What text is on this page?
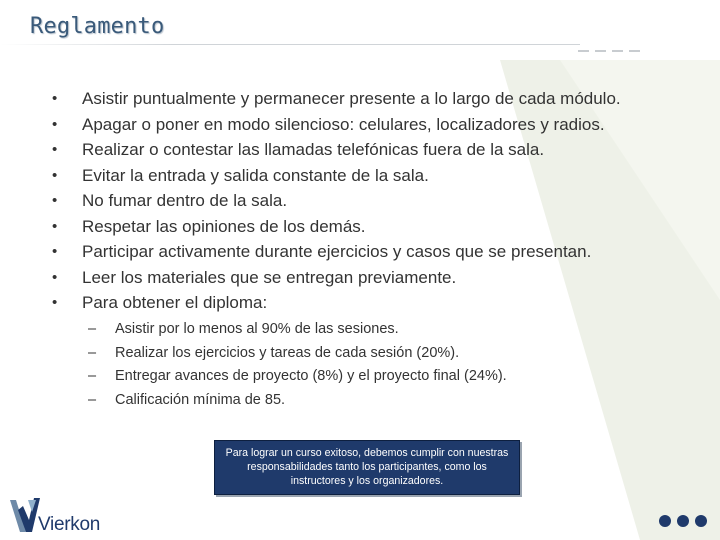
Reglamento
• Asistir puntualmente y permanecer presente a lo largo de cada módulo.
• Apagar o poner en modo silencioso: celulares, localizadores y radios.
• Realizar o contestar las llamadas telefónicas fuera de la sala.
• Evitar la entrada y salida constante de la sala.
• No fumar dentro de la sala.
• Respetar las opiniones de los demás.
• Participar activamente durante ejercicios y casos que se presentan.
• Leer los materiales que se entregan previamente.
• Para obtener el diploma:
– Asistir por lo menos al 90% de las sesiones.
– Realizar los ejercicios y tareas de cada sesión (20%).
– Entregar avances de proyecto (8%) y el proyecto final (24%).
– Calificación mínima de 85.
Para lograr un curso exitoso, debemos cumplir con nuestras responsabilidades tanto los participantes, como los instructores y los organizadores.
Vierkon
